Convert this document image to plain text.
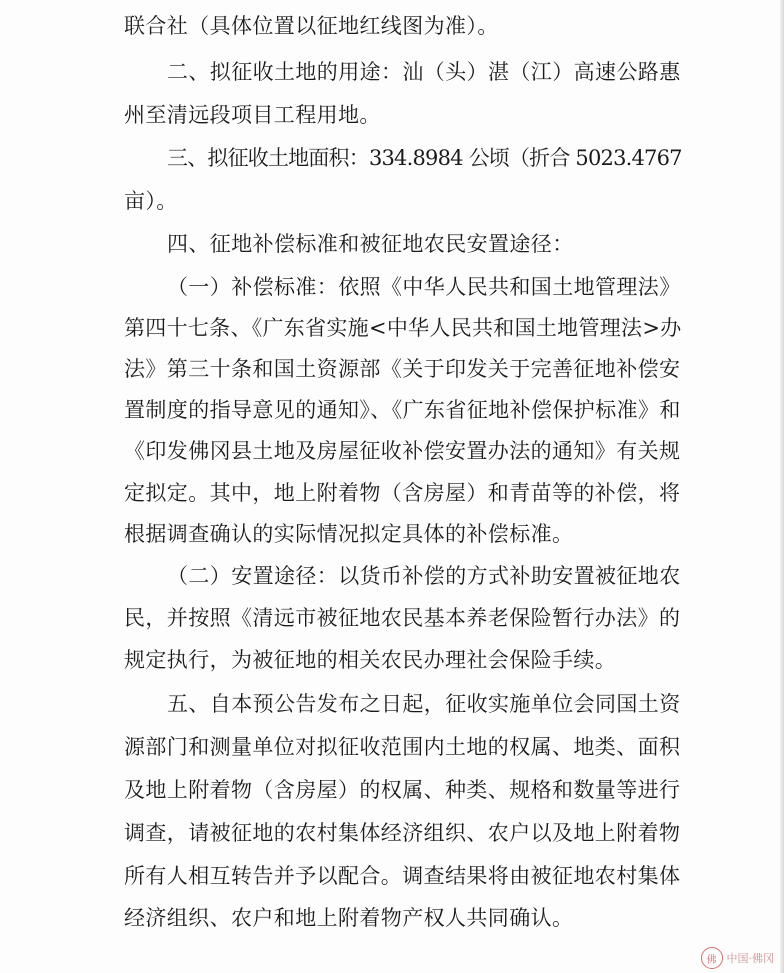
联合社（具体位置以征地红线图为准）。
二、拟征收土地的用途：汕（头）湛（江）高速公路惠
州至清远段项目工程用地。
三、拟征收土地面积：334.8984 公顷（折合 5023.4767
亩）。
四、征地补偿标准和被征地农民安置途径：
（一）补偿标准：依照《中华人民共和国土地管理法》
第四十七条、《广东省实施<中华人民共和国土地管理法>办
法》第三十条和国土资源部《关于印发关于完善征地补偿安
置制度的指导意见的通知》、《广东省征地补偿保护标准》和
《印发佛冈县土地及房屋征收补偿安置办法的通知》有关规
定拟定。其中，地上附着物（含房屋）和青苗等的补偿，将
根据调查确认的实际情况拟定具体的补偿标准。
（二）安置途径：以货币补偿的方式补助安置被征地农
民，并按照《清远市被征地农民基本养老保险暂行办法》的
规定执行，为被征地的相关农民办理社会保险手续。
五、自本预公告发布之日起，征收实施单位会同国土资
源部门和测量单位对拟征收范围内土地的权属、地类、面积
及地上附着物（含房屋）的权属、种类、规格和数量等进行
调查，请被征地的农村集体经济组织、农户以及地上附着物
所有人相互转告并予以配合。调查结果将由被征地农村集体
经济组织、农户和地上附着物产权人共同确认。
佛 中国·佛冈
